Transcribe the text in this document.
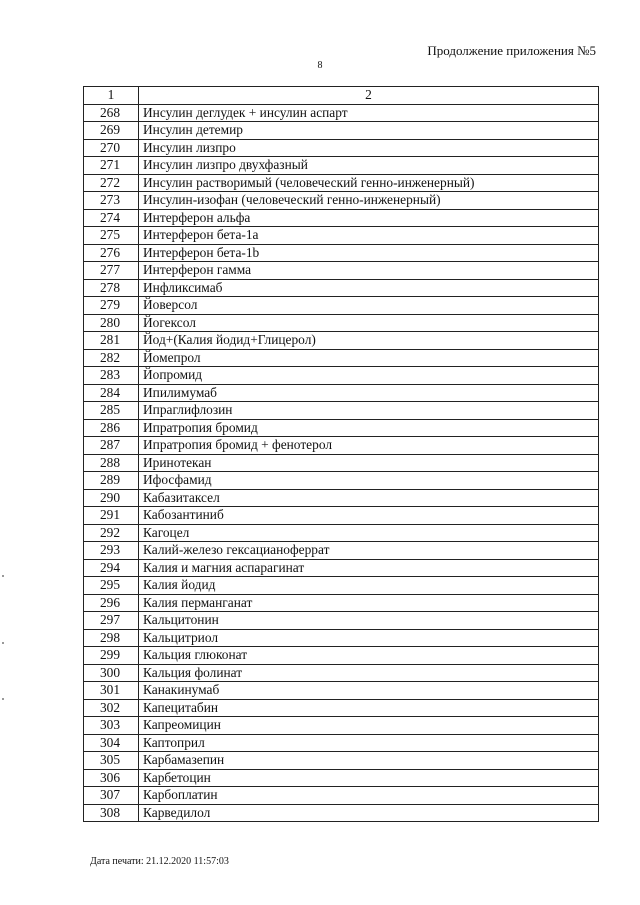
Продолжение приложения №5
8
1	2
268	Инсулин деглудек + инсулин аспарт
269	Инсулин детемир
270	Инсулин лизпро
271	Инсулин лизпро двухфазный
272	Инсулин растворимый (человеческий генно-инженерный)
273	Инсулин-изофан (человеческий генно-инженерный)
274	Интерферон альфа
275	Интерферон бета-1а
276	Интерферон бета-1b
277	Интерферон гамма
278	Инфликсимаб
279	Йоверсол
280	Йогексол
281	Йод+(Калия йодид+Глицерол)
282	Йомепрол
283	Йопромид
284	Ипилимумаб
285	Ипраглифлозин
286	Ипратропия бромид
287	Ипратропия бромид + фенотерол
288	Иринотекан
289	Ифосфамид
290	Кабазитаксел
291	Кабозантиниб
292	Кагоцел
293	Калий-железо гексацианоферрат
294	Калия и магния аспарагинат
295	Калия йодид
296	Калия перманганат
297	Кальцитонин
298	Кальцитриол
299	Кальция глюконат
300	Кальция фолинат
301	Канакинумаб
302	Капецитабин
303	Капреомицин
304	Каптоприл
305	Карбамазепин
306	Карбетоцин
307	Карбоплатин
308	Карведилол
Дата печати: 21.12.2020 11:57:03
